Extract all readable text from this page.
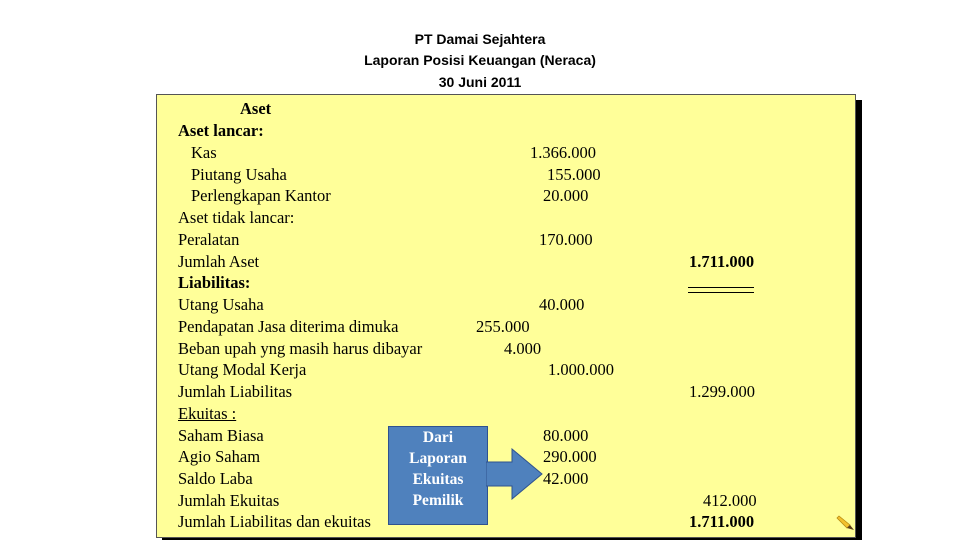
PT Damai Sejahtera
Laporan Posisi Keuangan (Neraca)
30 Juni 2011
Aset
Aset lancar:
Kas	1.366.000
Piutang Usaha	155.000
Perlengkapan Kantor	20.000
Aset tidak lancar:
Peralatan	170.000
Jumlah Aset	1.711.000
Liabilitas:
Utang Usaha	40.000
Pendapatan Jasa diterima dimuka	255.000
Beban upah yng masih harus dibayar	4.000
Utang Modal Kerja	1.000.000
Jumlah Liabilitas	1.299.000
Ekuitas :
Saham Biasa	80.000
Agio Saham	290.000
Saldo Laba	42.000
Jumlah Ekuitas	412.000
Jumlah Liabilitas dan ekuitas	1.711.000
Dari
Laporan
Ekuitas
Pemilik
